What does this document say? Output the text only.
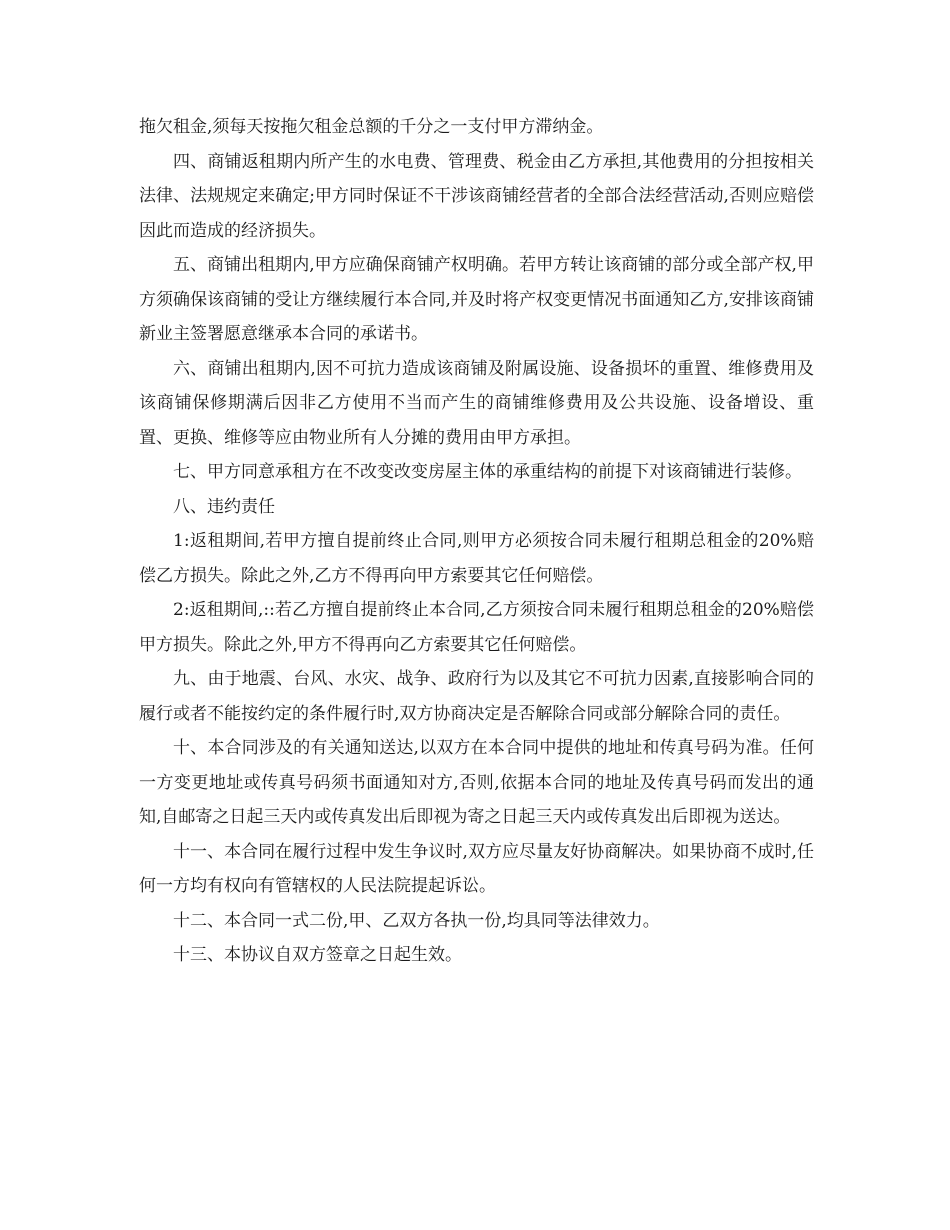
拖欠租金,须每天按拖欠租金总额的千分之一支付甲方滞纳金。

四、商铺返租期内所产生的水电费、管理费、税金由乙方承担,其他费用的分担按相关法律、法规规定来确定;甲方同时保证不干涉该商铺经营者的全部合法经营活动,否则应赔偿因此而造成的经济损失。

五、商铺出租期内,甲方应确保商铺产权明确。若甲方转让该商铺的部分或全部产权,甲方须确保该商铺的受让方继续履行本合同,并及时将产权变更情况书面通知乙方,安排该商铺新业主签署愿意继承本合同的承诺书。

六、商铺出租期内,因不可抗力造成该商铺及附属设施、设备损坏的重置、维修费用及该商铺保修期满后因非乙方使用不当而产生的商铺维修费用及公共设施、设备增设、重置、更换、维修等应由物业所有人分摊的费用由甲方承担。

七、甲方同意承租方在不改变改变房屋主体的承重结构的前提下对该商铺进行装修。

八、违约责任

1:返租期间,若甲方擅自提前终止合同,则甲方必须按合同未履行租期总租金的20%赔偿乙方损失。除此之外,乙方不得再向甲方索要其它任何赔偿。

2:返租期间,::若乙方擅自提前终止本合同,乙方须按合同未履行租期总租金的20%赔偿甲方损失。除此之外,甲方不得再向乙方索要其它任何赔偿。

九、由于地震、台风、水灾、战争、政府行为以及其它不可抗力因素,直接影响合同的履行或者不能按约定的条件履行时,双方协商决定是否解除合同或部分解除合同的责任。

十、本合同涉及的有关通知送达,以双方在本合同中提供的地址和传真号码为准。任何一方变更地址或传真号码须书面通知对方,否则,依据本合同的地址及传真号码而发出的通知,自邮寄之日起三天内或传真发出后即视为寄之日起三天内或传真发出后即视为送达。

十一、本合同在履行过程中发生争议时,双方应尽量友好协商解决。如果协商不成时,任何一方均有权向有管辖权的人民法院提起诉讼。

十二、本合同一式二份,甲、乙双方各执一份,均具同等法律效力。

十三、本协议自双方签章之日起生效。
